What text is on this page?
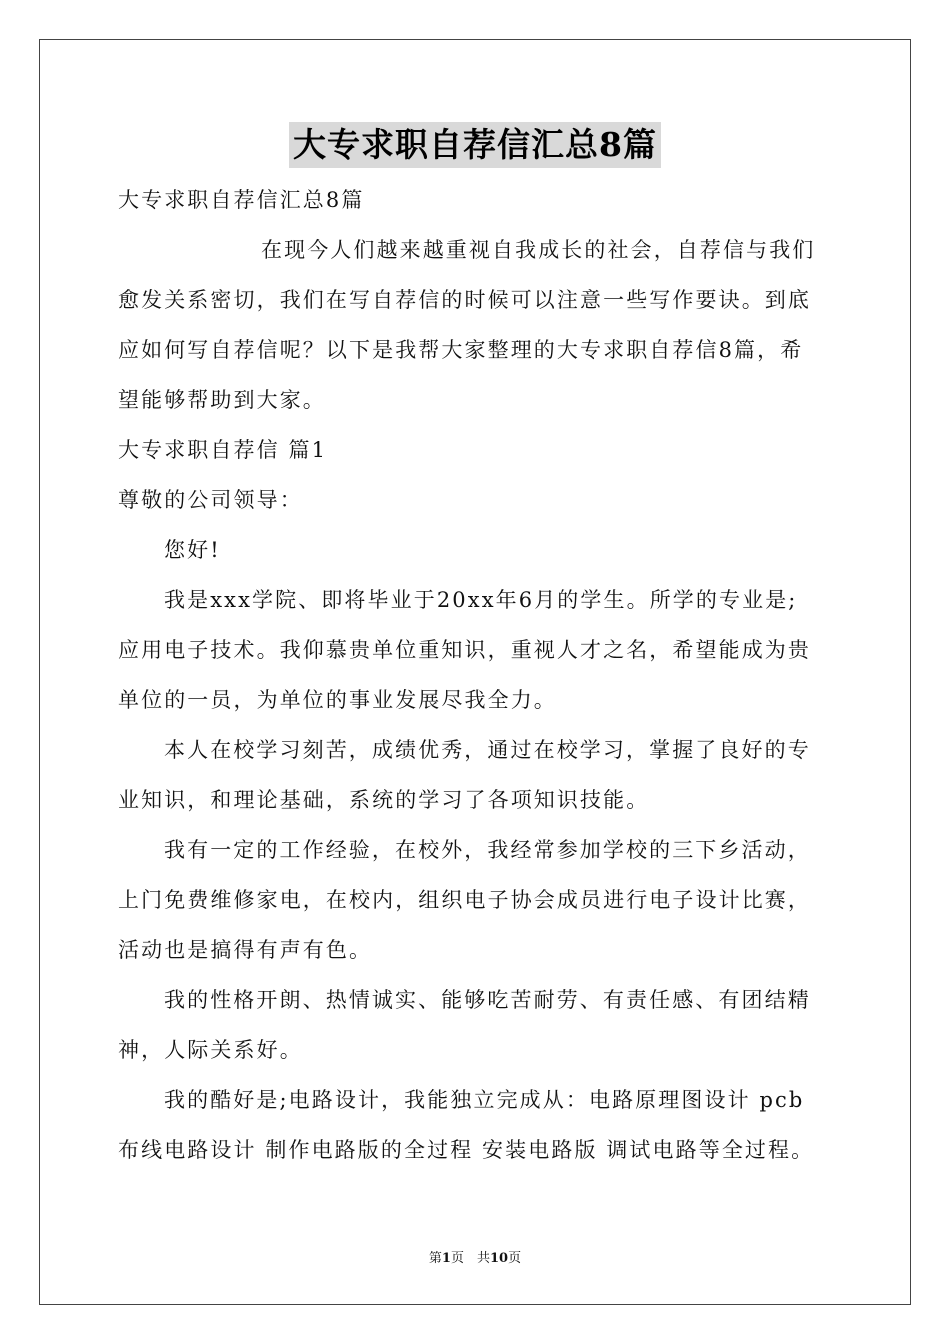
大专求职自荐信汇总8篇
大专求职自荐信汇总8篇
在现今人们越来越重视自我成长的社会，自荐信与我们
愈发关系密切，我们在写自荐信的时候可以注意一些写作要诀。到底
应如何写自荐信呢？以下是我帮大家整理的大专求职自荐信8篇，希
望能够帮助到大家。
大专求职自荐信 篇1
尊敬的公司领导：
您好!
我是xxx学院、即将毕业于20xx年6月的学生。所学的专业是;
应用电子技术。我仰慕贵单位重知识，重视人才之名，希望能成为贵
单位的一员，为单位的事业发展尽我全力。
本人在校学习刻苦，成绩优秀，通过在校学习，掌握了良好的专
业知识，和理论基础，系统的学习了各项知识技能。
我有一定的工作经验，在校外，我经常参加学校的三下乡活动，
上门免费维修家电，在校内，组织电子协会成员进行电子设计比赛，
活动也是搞得有声有色。
我的性格开朗、热情诚实、能够吃苦耐劳、有责任感、有团结精
神，人际关系好。
我的酷好是;电路设计，我能独立完成从：电路原理图设计 pcb
布线电路设计 制作电路版的全过程 安装电路版 调试电路等全过程。
第1页　共10页
